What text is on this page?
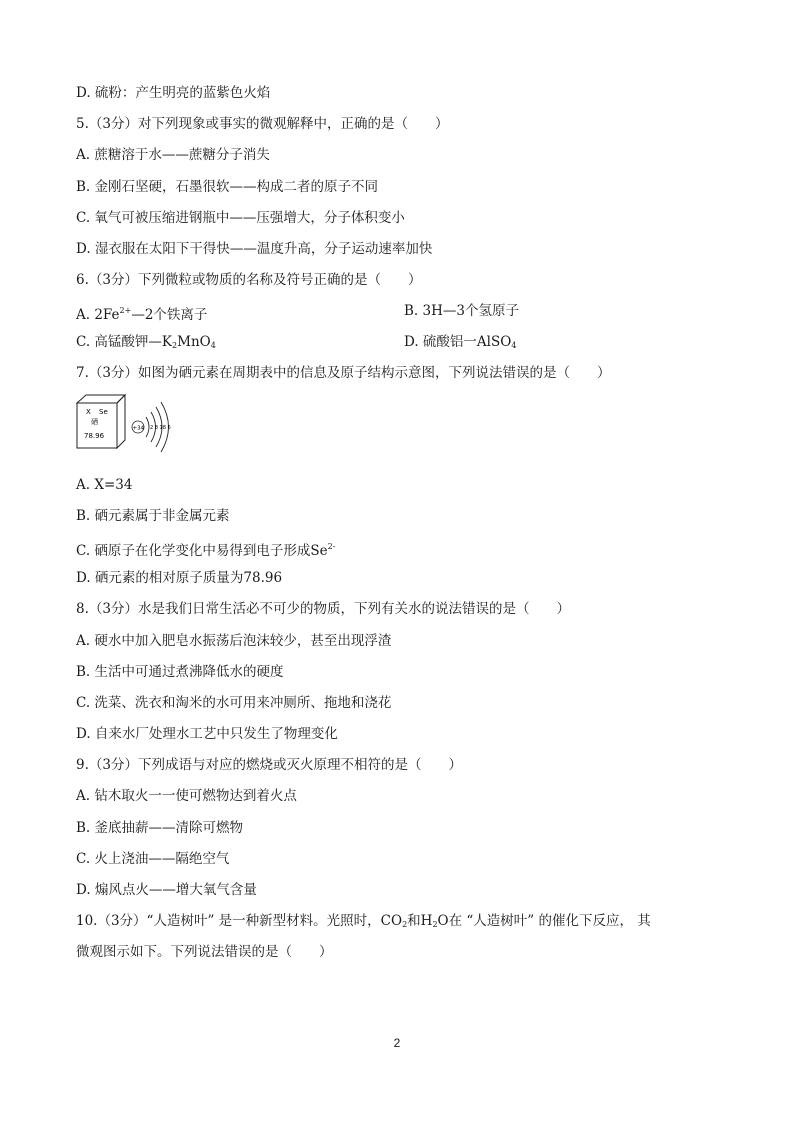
D. 硫粉：产生明亮的蓝紫色火焰
5.（3分）对下列现象或事实的微观解释中，正确的是（　　）
A. 蔗糖溶于水——蔗糖分子消失
B. 金刚石坚硬，石墨很软——构成二者的原子不同
C. 氧气可被压缩进钢瓶中——压强增大，分子体积变小
D. 湿衣服在太阳下干得快——温度升高，分子运动速率加快
6.（3分）下列微粒或物质的名称及符号正确的是（　　）
A. $2Fe^{2+}—2$个铁离子	B. 3H—3个氢原子
C. 高锰酸钾$—K_2MnO_4$	D. 硫酸铝一AlSO$_4$
7.（3分）如图为硒元素在周期表中的信息及原子结构示意图，下列说法错误的是（　　）
X Se
硒
78.96
+34 2 8 18 6
A. X=34
B. 硒元素属于非金属元素
C. 硒原子在化学变化中易得到电子形成$Se^{2-}$
D. 硒元素的相对原子质量为78.96
8.（3分）水是我们日常生活必不可少的物质，下列有关水的说法错误的是（　　）
A. 硬水中加入肥皂水振荡后泡沫较少，甚至出现浮渣
B. 生活中可通过煮沸降低水的硬度
C. 洗菜、洗衣和淘米的水可用来冲厕所、拖地和浇花
D. 自来水厂处理水工艺中只发生了物理变化
9.（3分）下列成语与对应的燃烧或灭火原理不相符的是（　　）
A. 钻木取火一一使可燃物达到着火点
B. 釜底抽薪——清除可燃物
C. 火上浇油——隔绝空气
D. 煽风点火——增大氧气含量
10.（3分）“人造树叶” 是一种新型材料。光照时，$CO_2$和$H_2O$在 “人造树叶” 的催化下反应， 其
微观图示如下。下列说法错误的是（　　）
2
